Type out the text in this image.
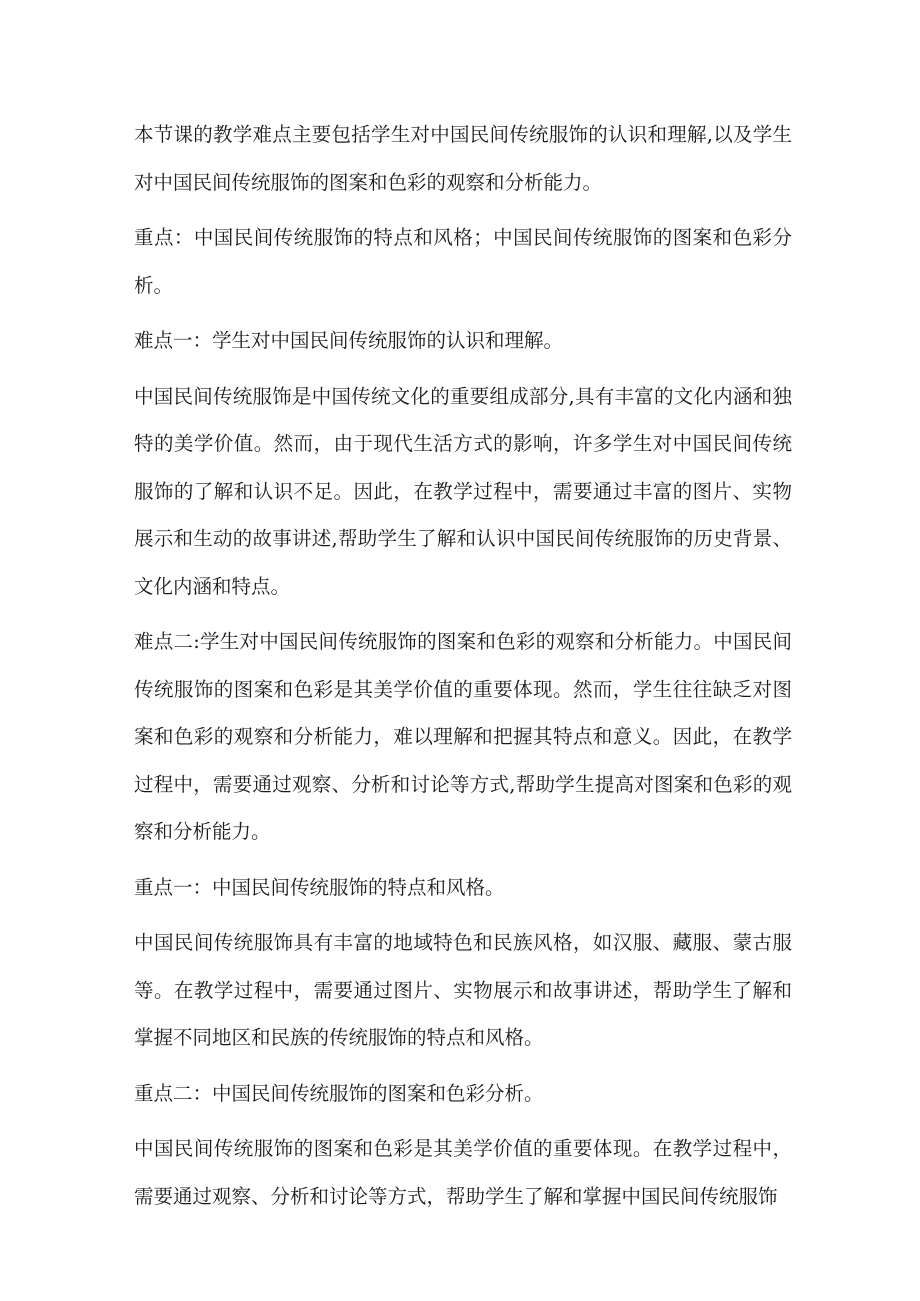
本节课的教学难点主要包括学生对中国民间传统服饰的认识和理解,以及学生对中国民间传统服饰的图案和色彩的观察和分析能力。

重点：中国民间传统服饰的特点和风格；中国民间传统服饰的图案和色彩分析。

难点一：学生对中国民间传统服饰的认识和理解。

中国民间传统服饰是中国传统文化的重要组成部分,具有丰富的文化内涵和独特的美学价值。然而，由于现代生活方式的影响，许多学生对中国民间传统服饰的了解和认识不足。因此，在教学过程中，需要通过丰富的图片、实物展示和生动的故事讲述,帮助学生了解和认识中国民间传统服饰的历史背景、文化内涵和特点。

难点二:学生对中国民间传统服饰的图案和色彩的观察和分析能力。中国民间传统服饰的图案和色彩是其美学价值的重要体现。然而，学生往往缺乏对图案和色彩的观察和分析能力，难以理解和把握其特点和意义。因此，在教学过程中，需要通过观察、分析和讨论等方式,帮助学生提高对图案和色彩的观察和分析能力。

重点一：中国民间传统服饰的特点和风格。

中国民间传统服饰具有丰富的地域特色和民族风格，如汉服、藏服、蒙古服等。在教学过程中，需要通过图片、实物展示和故事讲述，帮助学生了解和掌握不同地区和民族的传统服饰的特点和风格。

重点二：中国民间传统服饰的图案和色彩分析。

中国民间传统服饰的图案和色彩是其美学价值的重要体现。在教学过程中，需要通过观察、分析和讨论等方式，帮助学生了解和掌握中国民间传统服饰
